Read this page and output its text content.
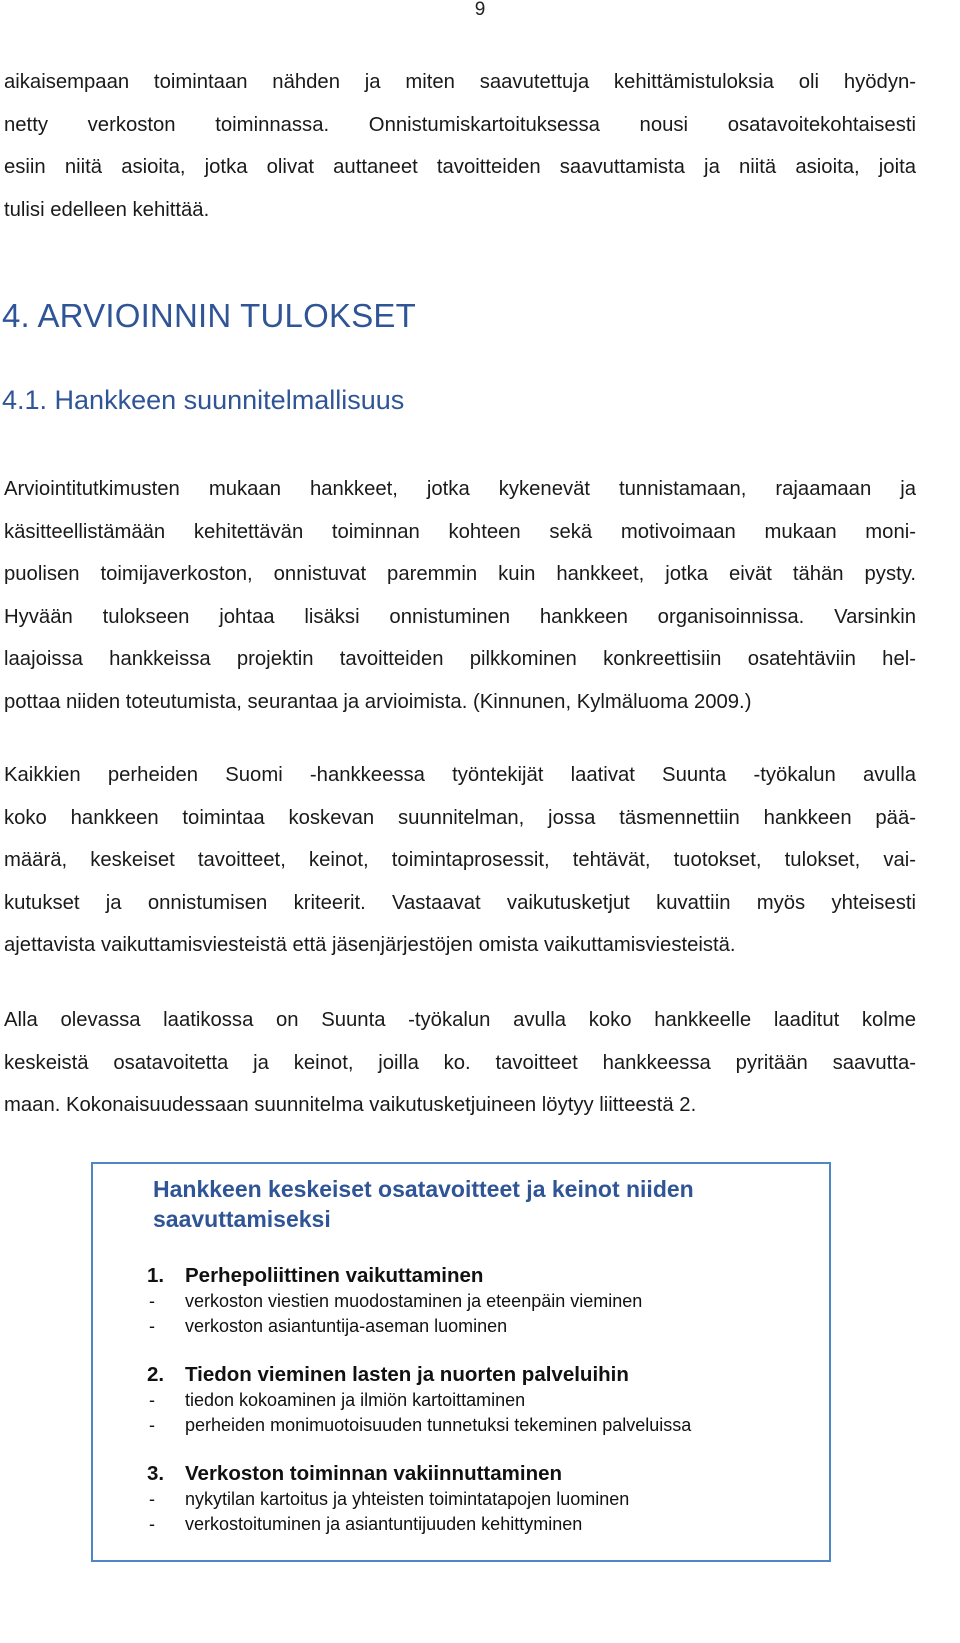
9

aikaisempaan toimintaan nähden ja miten saavutettuja kehittämistuloksia oli hyödyn-
netty verkoston toiminnassa. Onnistumiskartoituksessa nousi osatavoitekohtaisesti
esiin niitä asioita, jotka olivat auttaneet tavoitteiden saavuttamista ja niitä asioita, joita
tulisi edelleen kehittää.

4. ARVIOINNIN TULOKSET
4.1. Hankkeen suunnitelmallisuus

Arviointitutkimusten mukaan hankkeet, jotka kykenevät tunnistamaan, rajaamaan ja
käsitteellistämään kehitettävän toiminnan kohteen sekä motivoimaan mukaan moni-
puolisen toimijaverkoston, onnistuvat paremmin kuin hankkeet, jotka eivät tähän pysty.
Hyvään tulokseen johtaa lisäksi onnistuminen hankkeen organisoinnissa. Varsinkin
laajoissa hankkeissa projektin tavoitteiden pilkkominen konkreettisiin osatehtäviin hel-
pottaa niiden toteutumista, seurantaa ja arvioimista. (Kinnunen, Kylmäluoma 2009.)

Kaikkien perheiden Suomi -hankkeessa työntekijät laativat Suunta -työkalun avulla
koko hankkeen toimintaa koskevan suunnitelman, jossa täsmennettiin hankkeen pää-
määrä, keskeiset tavoitteet, keinot, toimintaprosessit, tehtävät, tuotokset, tulokset, vai-
kutukset ja onnistumisen kriteerit. Vastaavat vaikutusketjut kuvattiin myös yhteisesti
ajettavista vaikuttamisviesteistä että jäsenjärjestöjen omista vaikuttamisviesteistä.

Alla olevassa laatikossa on Suunta -työkalun avulla koko hankkeelle laaditut kolme
keskeistä osatavoitetta ja keinot, joilla ko. tavoitteet hankkeessa pyritään saavutta-
maan. Kokonaisuudessaan suunnitelma vaikutusketjuineen löytyy liitteestä 2.

Hankkeen keskeiset osatavoitteet ja keinot niiden saavuttamiseksi
1.	Perhepoliittinen vaikuttaminen
-	verkoston viestien muodostaminen ja eteenpäin vieminen
-	verkoston asiantuntija-aseman luominen
2.	Tiedon vieminen lasten ja nuorten palveluihin
-	tiedon kokoaminen ja ilmiön kartoittaminen
-	perheiden monimuotoisuuden tunnetuksi tekeminen palveluissa
3.	Verkoston toiminnan vakiinnuttaminen
-	nykytilan kartoitus ja yhteisten toimintatapojen luominen
-	verkostoituminen ja asiantuntijuuden kehittyminen
